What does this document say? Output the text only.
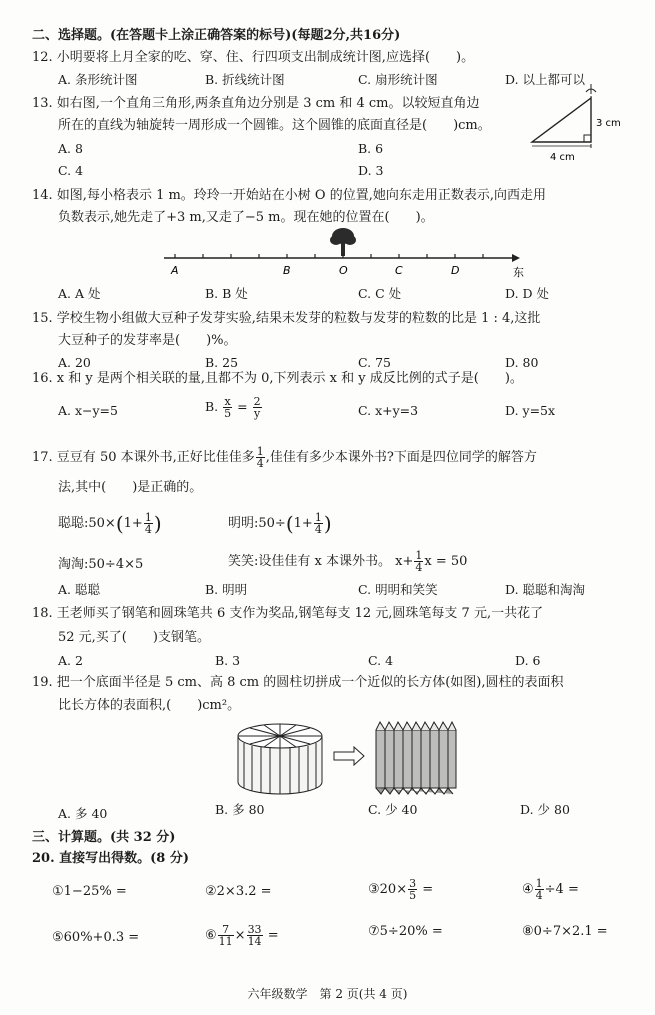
二、选择题。(在答题卡上涂正确答案的标号)(每题2分,共16分)
12. 小明要将上月全家的吃、穿、住、行四项支出制成统计图,应选择(　　)。
A. 条形统计图	B. 折线统计图	C. 扇形统计图	D. 以上都可以
13. 如右图,一个直角三角形,两条直角边分别是 3 cm 和 4 cm。以较短直角边
所在的直线为轴旋转一周形成一个圆锥。这个圆锥的底面直径是(　　)cm。
A. 8	B. 6
C. 4	D. 3
3 cm
4 cm
14. 如图,每小格表示 1 m。玲玲一开始站在小树 O 的位置,她向东走用正数表示,向西走用
负数表示,她先走了+3 m,又走了−5 m。现在她的位置在(　　)。
A	B	O	C	D	东
A. A 处	B. B 处	C. C 处	D. D 处
15. 学校生物小组做大豆种子发芽实验,结果未发芽的粒数与发芽的粒数的比是 1 : 4,这批
大豆种子的发芽率是(　　)%。
A. 20	B. 25	C. 75	D. 80
16. x 和 y 是两个相关联的量,且都不为 0,下列表示 x 和 y 成反比例的式子是(　　)。
A. x−y=5	B. $\frac{x}{5} = \frac{2}{y}$	C. x+y=3	D. y=5x
17. 豆豆有 50 本课外书,正好比佳佳多 $\frac{1}{4}$ ,佳佳有多少本课外书?下面是四位同学的解答方
法,其中(　　)是正确的。
聪聪:50×(1+ $\frac{1}{4}$ )	明明:50÷(1+ $\frac{1}{4}$ )
淘淘:50÷4×5	笑笑:设佳佳有 x 本课外书。 $x+ \frac{1}{4}$ x = 50
A. 聪聪	B. 明明	C. 明明和笑笑	D. 聪聪和淘淘
18. 王老师买了钢笔和圆珠笔共 6 支作为奖品,钢笔每支 12 元,圆珠笔每支 7 元,一共花了
52 元,买了(　　)支钢笔。
A. 2	B. 3	C. 4	D. 6
19. 把一个底面半径是 5 cm、高 8 cm 的圆柱切拼成一个近似的长方体(如图),圆柱的表面积
比长方体的表面积,(　　)cm²。
A. 多 40	B. 多 80	C. 少 40	D. 少 80
三、计算题。(共 32 分)
20. 直接写出得数。(8 分)
①1−25% =	②2×3.2 =	③20× $\frac{3}{5}$ =	④ $\frac{1}{4} \div 4$ =
⑤60%+0.3 =	⑥ $\frac{7}{11} \times \frac{33}{14}$ =	⑦5÷20% =	⑧0÷7×2.1 =
六年级数学　第 2 页(共 4 页)
